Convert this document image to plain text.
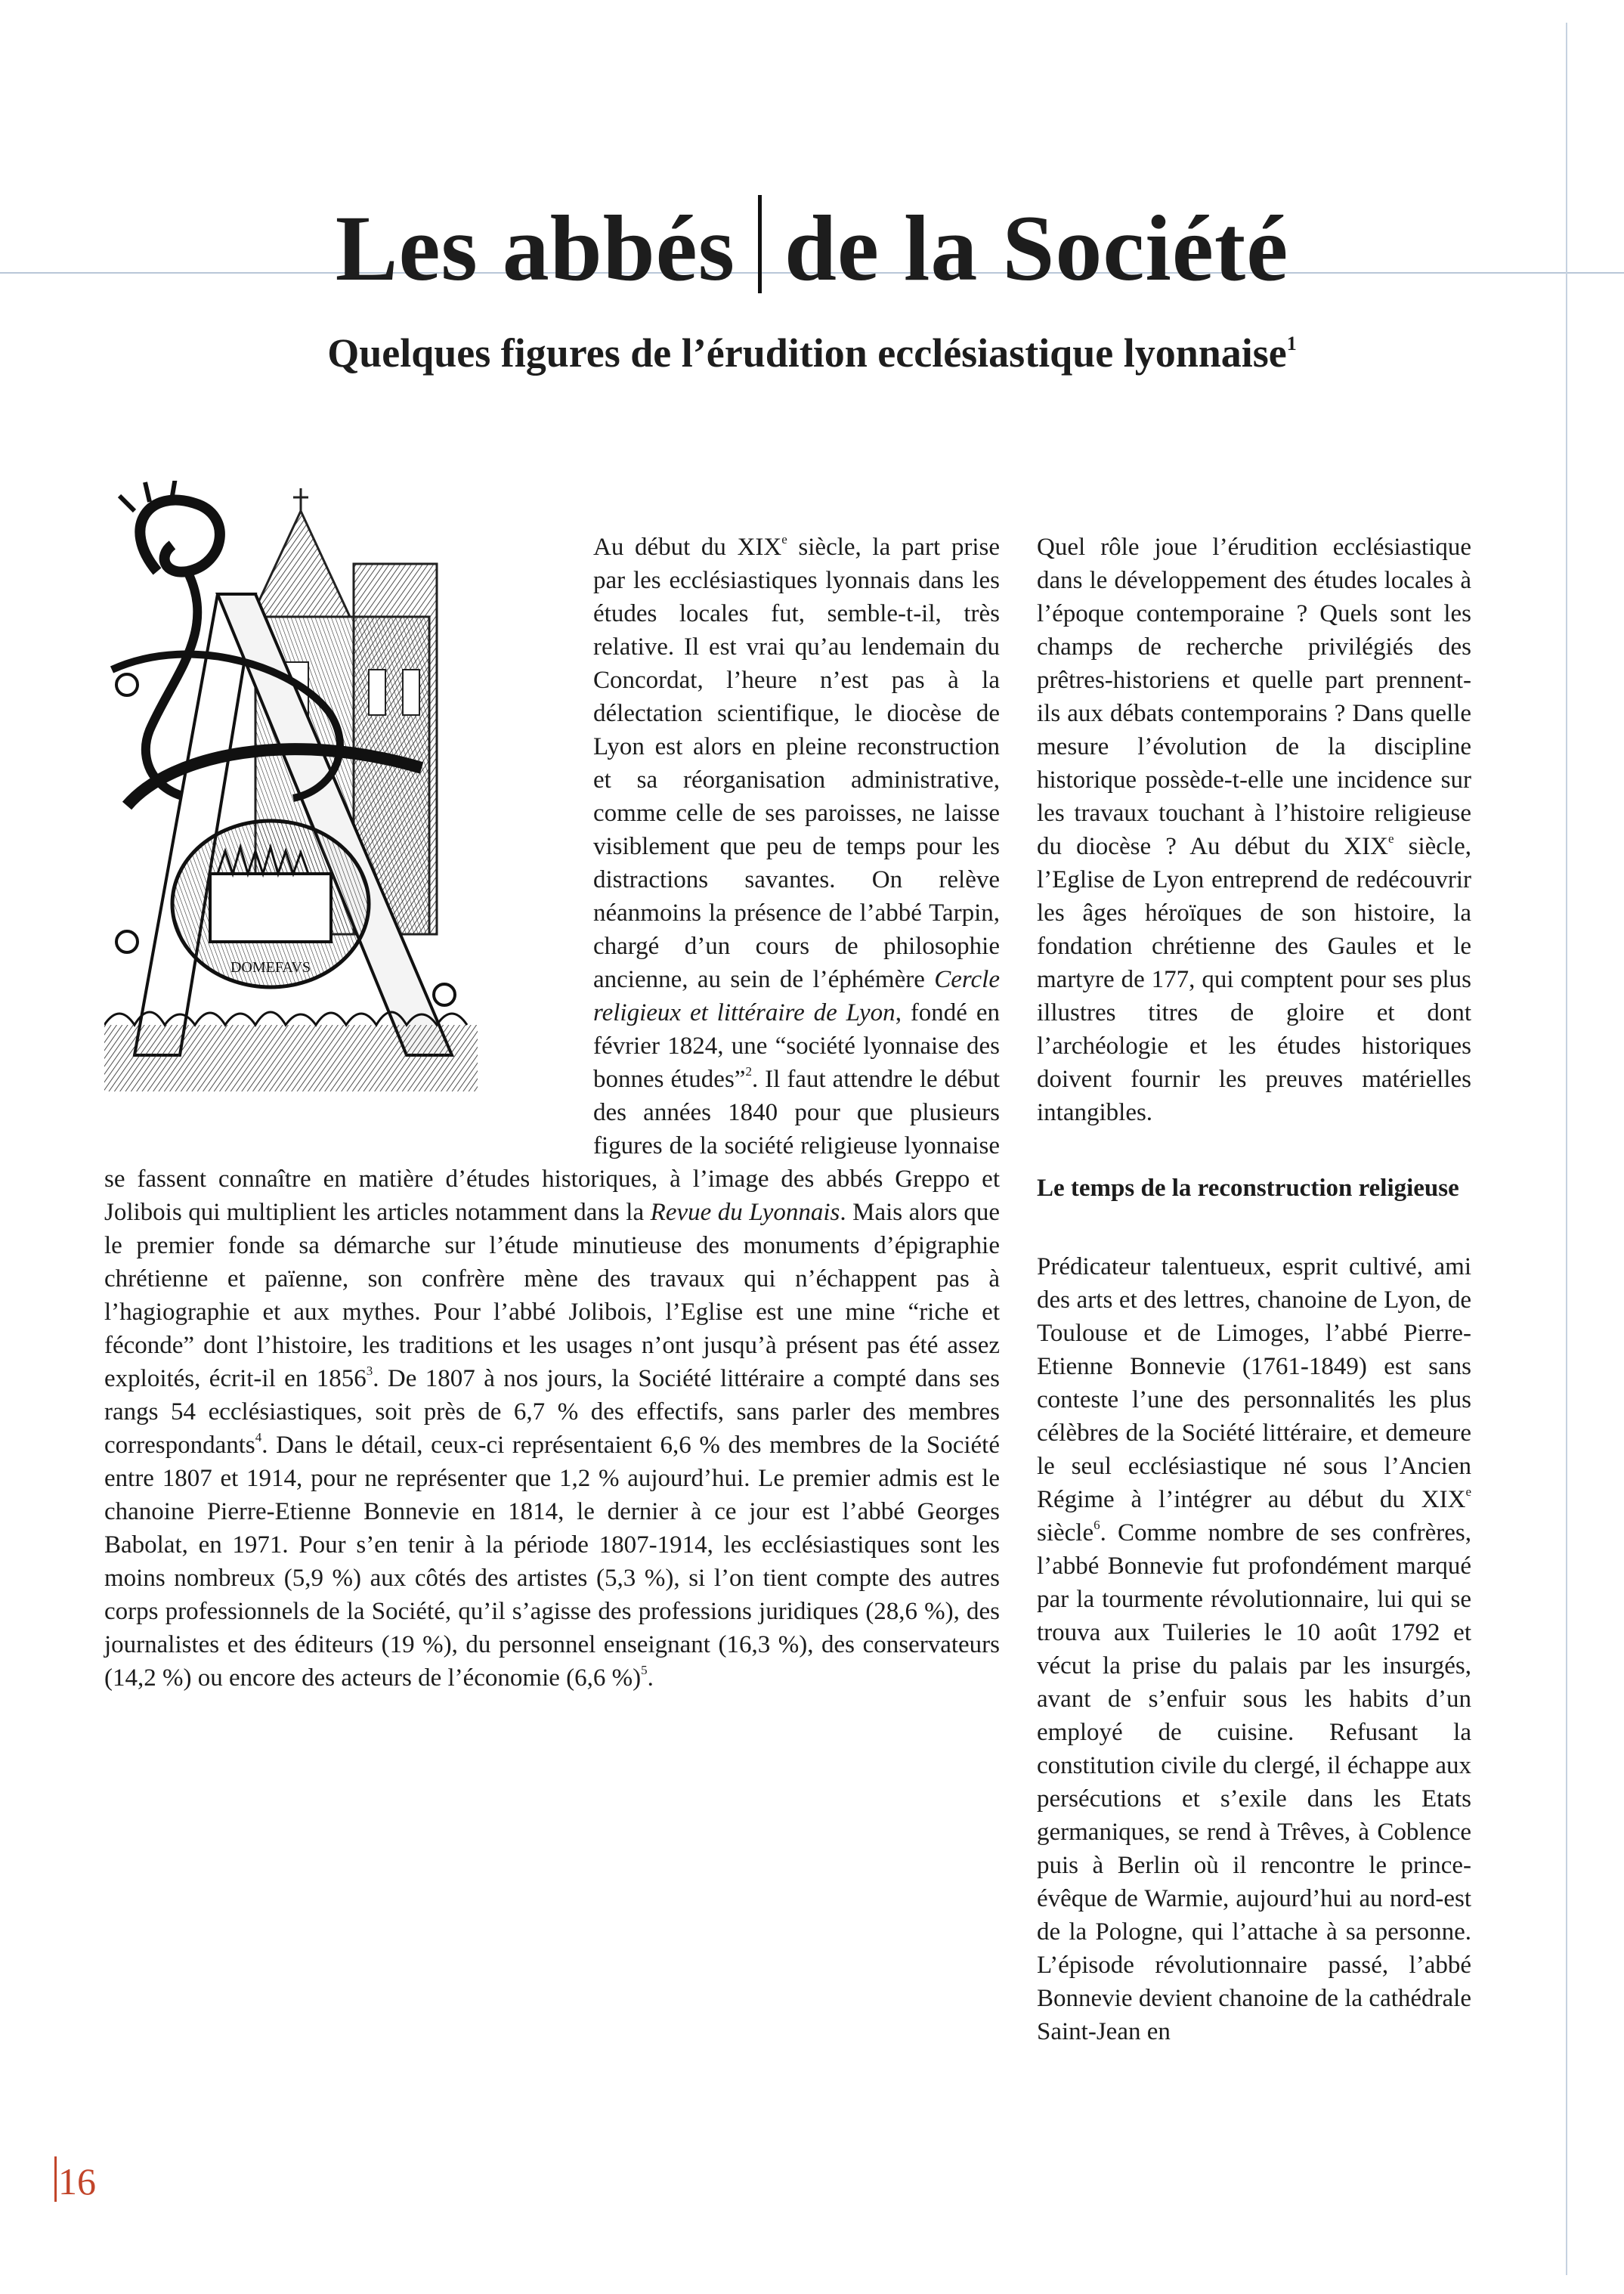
Les abbés de la Société
Quelques figures de l’érudition ecclésiastique lyonnaise$^1$
DOMEFAVS

Au début du XIXe siècle, la part prise par les ecclésiastiques lyonnais dans les études locales fut, semble-t-il, très relative. Il est vrai qu’au lendemain du Concordat, l’heure n’est pas à la délectation scientifique, le diocèse de Lyon est alors en pleine reconstruction et sa réorganisation administrative, comme celle de ses paroisses, ne laisse visiblement que peu de temps pour les distractions savantes. On relève néanmoins la présence de l’abbé Tarpin, chargé d’un cours de philosophie ancienne, au sein de l’éphémère Cercle religieux et littéraire de Lyon, fondé en février 1824, une “société lyonnaise des bonnes études”$^2$. Il faut attendre le début des années 1840 pour que plusieurs figures de la société religieuse lyonnaise se fassent connaître en matière d’études historiques, à l’image des abbés Greppo et Jolibois qui multiplient les articles notamment dans la Revue du Lyonnais. Mais alors que le premier fonde sa démarche sur l’étude minutieuse des monuments d’épigraphie chrétienne et païenne, son confrère mène des travaux qui n’échappent pas à l’hagiographie et aux mythes. Pour l’abbé Jolibois, l’Eglise est une mine “riche et féconde” dont l’histoire, les traditions et les usages n’ont jusqu’à présent pas été assez exploités, écrit-il en 1856$^3$. De 1807 à nos jours, la Société littéraire a compté dans ses rangs 54 ecclésiastiques, soit près de 6,7 % des effectifs, sans parler des membres correspondants$^4$. Dans le détail, ceux-ci représentaient 6,6 % des membres de la Société entre 1807 et 1914, pour ne représenter que 1,2 % aujourd’hui. Le premier admis est le chanoine Pierre-Etienne Bonnevie en 1814, le dernier à ce jour est l’abbé Georges Babolat, en 1971. Pour s’en tenir à la période 1807-1914, les ecclésiastiques sont les moins nombreux (5,9 %) aux côtés des artistes (5,3 %), si l’on tient compte des autres corps professionnels de la Société, qu’il s’agisse des professions juridiques (28,6 %), des journalistes et des éditeurs (19 %), du personnel enseignant (16,3 %), des conservateurs (14,2 %) ou encore des acteurs de l’économie (6,6 %)$^5$.

Quel rôle joue l’érudition ecclésiastique dans le développement des études locales à l’époque contemporaine ? Quels sont les champs de recherche privilégiés des prêtres-historiens et quelle part prennent-ils aux débats contemporains ? Dans quelle mesure l’évolution de la discipline historique possède-t-elle une incidence sur les travaux touchant à l’histoire religieuse du diocèse ? Au début du XIXe siècle, l’Eglise de Lyon entreprend de redécouvrir les âges héroïques de son histoire, la fondation chrétienne des Gaules et le martyre de 177, qui comptent pour ses plus illustres titres de gloire et dont l’archéologie et les études historiques doivent fournir les preuves matérielles intangibles.

Le temps de la reconstruction religieuse

Prédicateur talentueux, esprit cultivé, ami des arts et des lettres, chanoine de Lyon, de Toulouse et de Limoges, l’abbé Pierre-Etienne Bonnevie (1761-1849) est sans conteste l’une des personnalités les plus célèbres de la Société littéraire, et demeure le seul ecclésiastique né sous l’Ancien Régime à l’intégrer au début du XIXe siècle$^6$. Comme nombre de ses confrères, l’abbé Bonnevie fut profondément marqué par la tourmente révolutionnaire, lui qui se trouva aux Tuileries le 10 août 1792 et vécut la prise du palais par les insurgés, avant de s’enfuir sous les habits d’un employé de cuisine. Refusant la constitution civile du clergé, il échappe aux persécutions et s’exile dans les Etats germaniques, se rend à Trêves, à Coblence puis à Berlin où il rencontre le prince-évêque de Warmie, aujourd’hui au nord-est de la Pologne, qui l’attache à sa personne. L’épisode révolutionnaire passé, l’abbé Bonnevie devient chanoine de la cathédrale Saint-Jean en

16
